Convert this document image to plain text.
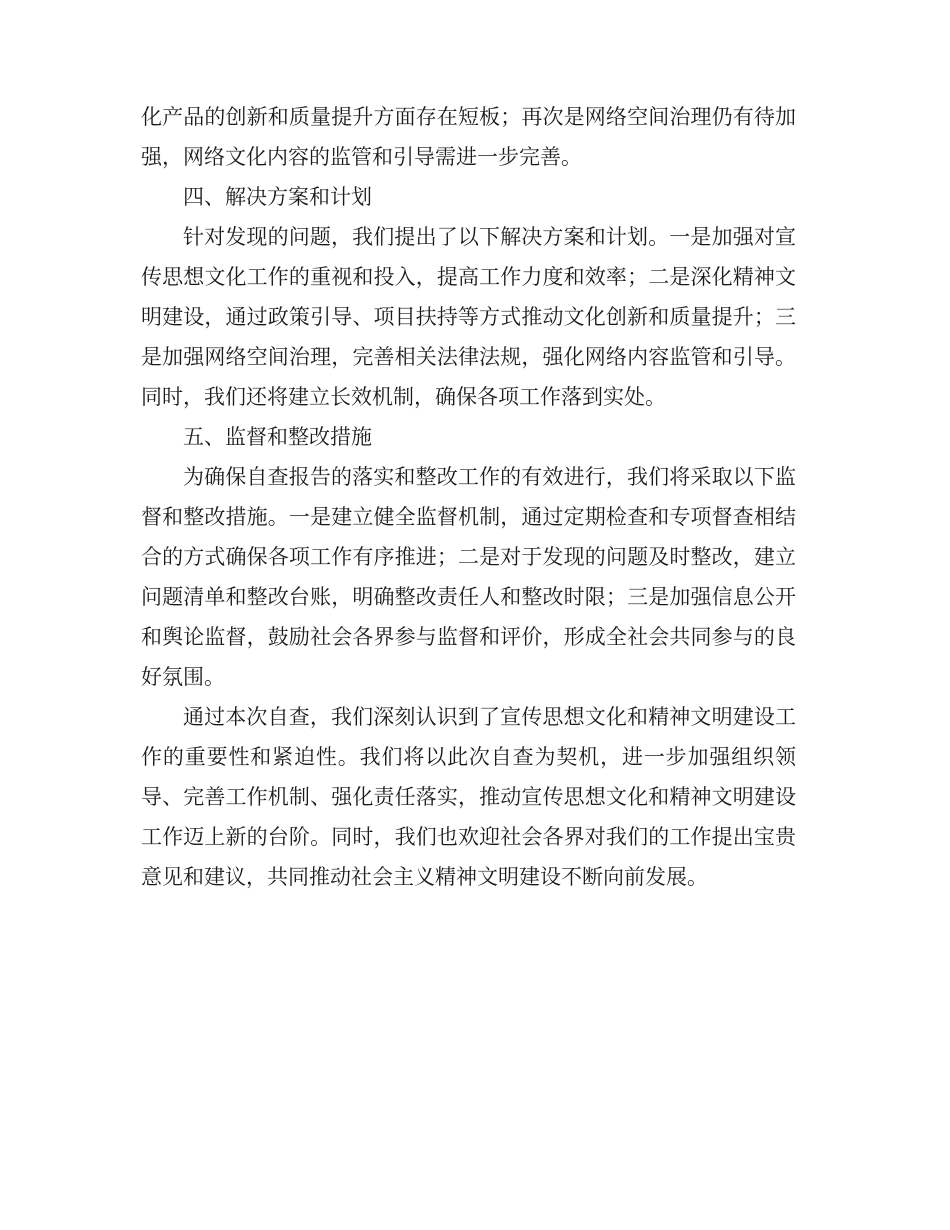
化产品的创新和质量提升方面存在短板；再次是网络空间治理仍有待加强，网络文化内容的监管和引导需进一步完善。

四、解决方案和计划

针对发现的问题，我们提出了以下解决方案和计划。一是加强对宣传思想文化工作的重视和投入，提高工作力度和效率；二是深化精神文明建设，通过政策引导、项目扶持等方式推动文化创新和质量提升；三是加强网络空间治理，完善相关法律法规，强化网络内容监管和引导。同时，我们还将建立长效机制，确保各项工作落到实处。

五、监督和整改措施

为确保自查报告的落实和整改工作的有效进行，我们将采取以下监督和整改措施。一是建立健全监督机制，通过定期检查和专项督查相结合的方式确保各项工作有序推进；二是对于发现的问题及时整改，建立问题清单和整改台账，明确整改责任人和整改时限；三是加强信息公开和舆论监督，鼓励社会各界参与监督和评价，形成全社会共同参与的良好氛围。

通过本次自查，我们深刻认识到了宣传思想文化和精神文明建设工作的重要性和紧迫性。我们将以此次自查为契机，进一步加强组织领导、完善工作机制、强化责任落实，推动宣传思想文化和精神文明建设工作迈上新的台阶。同时，我们也欢迎社会各界对我们的工作提出宝贵意见和建议，共同推动社会主义精神文明建设不断向前发展。
